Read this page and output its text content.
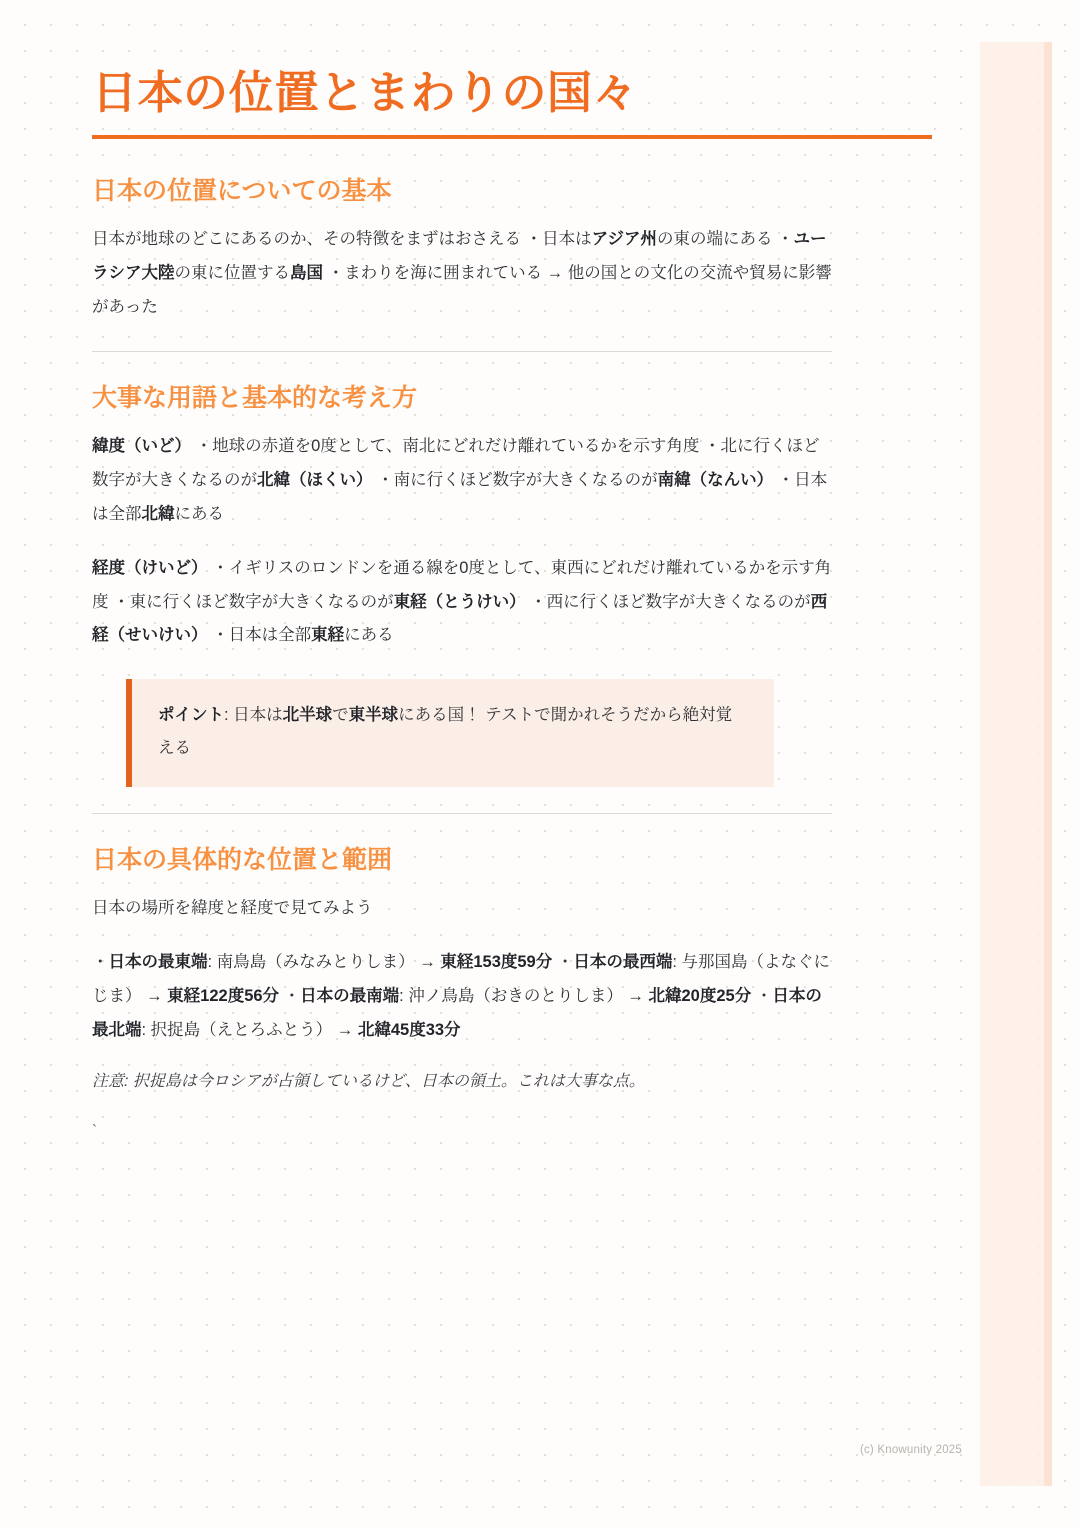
日本の位置とまわりの国々
日本の位置についての基本

日本が地球のどこにあるのか、その特徴をまずはおさえる ・日本はアジア州の東の端にある ・ユーラシア大陸の東に位置する島国 ・まわりを海に囲まれている → 他の国との文化の交流や貿易に影響があった

大事な用語と基本的な考え方

緯度（いど） ・地球の赤道を0度として、南北にどれだけ離れているかを示す角度 ・北に行くほど数字が大きくなるのが北緯（ほくい） ・南に行くほど数字が大きくなるのが南緯（なんい） ・日本は全部北緯にある

経度（けいど） ・イギリスのロンドンを通る線を0度として、東西にどれだけ離れているかを示す角度 ・東に行くほど数字が大きくなるのが東経（とうけい） ・西に行くほど数字が大きくなるのが西経（せいけい） ・日本は全部東経にある

ポイント: 日本は北半球で東半球にある国！ テストで聞かれそうだから絶対覚える

日本の具体的な位置と範囲

日本の場所を緯度と経度で見てみよう

・日本の最東端: 南鳥島（みなみとりしま） → 東経153度59分 ・日本の最西端: 与那国島（よなぐにじま） → 東経122度56分 ・日本の最南端: 沖ノ鳥島（おきのとりしま） → 北緯20度25分 ・日本の最北端: 択捉島（えとろふとう） → 北緯45度33分

注意: 択捉島は今ロシアが占領しているけど、日本の領土。これは大事な点。

`

(c) Knowunity 2025
